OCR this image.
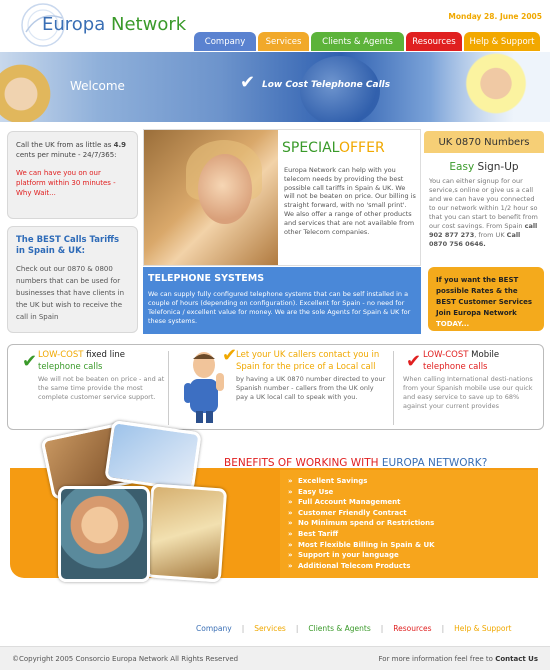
Europa Network	Monday 28. June 2005
Company	Services	Clients & Agents	Resources	Help & Support
Welcome	✔ Low Cost Telephone Calls

Call the UK from as little as 4.9 cents per minute - 24/7/365:

We can have you on our platform within 30 minutes - Why Wait...

The BEST Calls Tariffs in Spain & UK:

Check out our 0870 & 0800 numbers that can be used for businesses that have clients in the UK but wish to receive the call in Spain

SPECIALOFFER
Europa Network can help with you telecom needs by providing the best possible call tariffs in Spain & UK. We will not be beaten on price. Our billing is straight forward, with no 'small print'. We also offer a range of other products and services that are not available from other Telecom companies.
TELEPHONE SYSTEMS

We can supply fully configured telephone systems that can be self installed in a couple of hours (depending on configuration). Excellent for Spain - no need for Telefonica / excellent value for money. We are the sole Agents for Spain & UK for these systems.

UK 0870 Numbers
Easy Sign-Up

You can either signup for our service,s online or give us a call and we can have you connected to our network within 1/2 hour so that you can start to benefit from our cost savings. From Spain call 902 877 273, from UK Call 0870 756 0646.

If you want the BEST possible Rates & the BEST Customer Services Join Europa Network TODAY...
✔ LOW-COST fixed line
telephone calls

We will not be beaten on price - and at the same time provide the most complete customer service support.

✔
Let your UK callers contact you in Spain for the price of a Local call

by having a UK 0870 number directed to your Spanish number - callers from the UK only pay a UK local call to speak with you.

✔ LOW-COST Mobile
telephone calls

When calling International desti-nations from your Spanish mobile use our quick and easy service to save up to 68% against your current provides

BENEFITS OF WORKING WITH EUROPA NETWORK?
» Excellent Savings
» Easy Use
» Full Account Management
» Customer Friendly Contract
» No Minimum spend or Restrictions
» Best Tariff
» Most Flexible Billing in Spain & UK
» Support in your language
» Additional Telecom Products
Company | Services | Clients & Agents | Resources | Help & Support
©Copyright 2005 Consorcio Europa Network All Rights Reserved	For more information feel free to Contact Us
